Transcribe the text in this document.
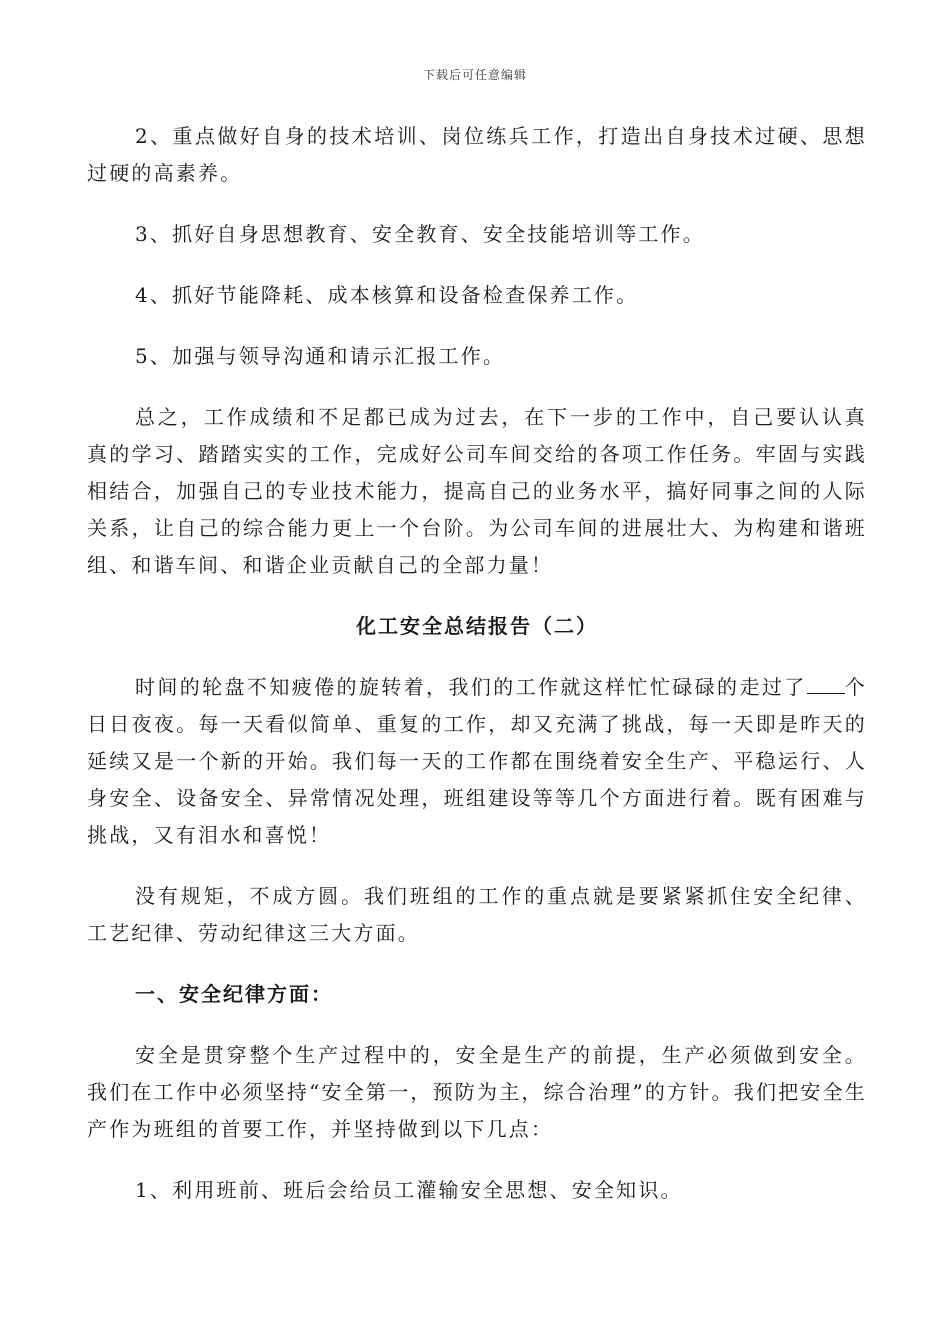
下载后可任意编辑

2、重点做好自身的技术培训、岗位练兵工作，打造出自身技术过硬、思想过硬的高素养。

3、抓好自身思想教育、安全教育、安全技能培训等工作。

4、抓好节能降耗、成本核算和设备检查保养工作。

5、加强与领导沟通和请示汇报工作。

总之，工作成绩和不足都已成为过去，在下一步的工作中，自己要认认真真的学习、踏踏实实的工作，完成好公司车间交给的各项工作任务。牢固与实践相结合，加强自己的专业技术能力，提高自己的业务水平，搞好同事之间的人际关系，让自己的综合能力更上一个台阶。为公司车间的进展壮大、为构建和谐班组、和谐车间、和谐企业贡献自己的全部力量！

化工安全总结报告（二）

时间的轮盘不知疲倦的旋转着，我们的工作就这样忙忙碌碌的走过了 个日日夜夜。每一天看似简单、重复的工作，却又充满了挑战，每一天即是昨天的延续又是一个新的开始。我们每一天的工作都在围绕着安全生产、平稳运行、人身安全、设备安全、异常情况处理，班组建设等等几个方面进行着。既有困难与挑战，又有泪水和喜悦！

没有规矩，不成方圆。我们班组的工作的重点就是要紧紧抓住安全纪律、工艺纪律、劳动纪律这三大方面。

一、安全纪律方面：

安全是贯穿整个生产过程中的，安全是生产的前提，生产必须做到安全。我们在工作中必须坚持“安全第一，预防为主，综合治理”的方针。我们把安全生产作为班组的首要工作，并坚持做到以下几点：

1、利用班前、班后会给员工灌输安全思想、安全知识。
